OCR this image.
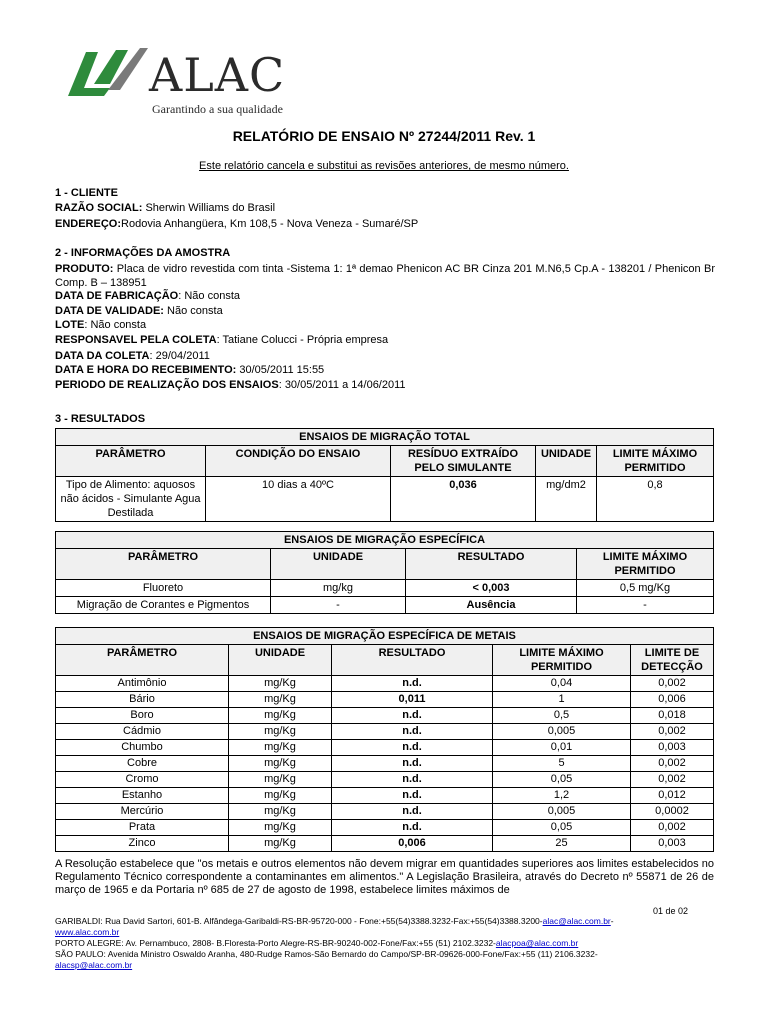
ALAC
Garantindo a sua qualidade
RELATÓRIO DE ENSAIO Nº 27244/2011 Rev. 1
Este relatório cancela e substitui as revisões anteriores, de mesmo número.
1 - CLIENTE
RAZÃO SOCIAL: Sherwin Williams do Brasil
ENDEREÇO:Rodovia Anhangüera, Km 108,5 - Nova Veneza - Sumaré/SP
2 - INFORMAÇÕES DA AMOSTRA
PRODUTO: Placa de vidro revestida com tinta -Sistema 1: 1ª demao Phenicon AC BR Cinza 201 M.N6,5 Cp.A - 138201 / Phenicon Br Comp. B – 138951
DATA DE FABRICAÇÃO: Não consta
DATA DE VALIDADE: Não consta
LOTE: Não consta
RESPONSAVEL PELA COLETA: Tatiane Colucci - Própria empresa
DATA DA COLETA: 29/04/2011
DATA E HORA DO RECEBIMENTO: 30/05/2011 15:55
PERIODO DE REALIZAÇÃO DOS ENSAIOS: 30/05/2011 a 14/06/2011
3 - RESULTADOS
ENSAIOS DE MIGRAÇÃO TOTAL				
PARÂMETRO	CONDIÇÃO DO ENSAIO	RESÍDUO EXTRAÍDO PELO SIMULANTE	UNIDADE	LIMITE MÁXIMO PERMITIDO
Tipo de Alimento: aquosos não ácidos - Simulante Agua Destilada	10 dias a 40ºC	0,036	mg/dm2	0,8
ENSAIOS DE MIGRAÇÃO ESPECÍFICA			
PARÂMETRO	UNIDADE	RESULTADO	LIMITE MÁXIMO PERMITIDO
Fluoreto	mg/kg	< 0,003	0,5 mg/Kg
Migração de Corantes e Pigmentos	-	Ausência	-
ENSAIOS DE MIGRAÇÃO ESPECÍFICA DE METAIS				
PARÂMETRO	UNIDADE	RESULTADO	LIMITE MÁXIMO PERMITIDO	LIMITE DE DETECÇÃO
Antimônio	mg/Kg	n.d.	0,04	0,002
Bário	mg/Kg	0,011	1	0,006
Boro	mg/Kg	n.d.	0,5	0,018
Cádmio	mg/Kg	n.d.	0,005	0,002
Chumbo	mg/Kg	n.d.	0,01	0,003
Cobre	mg/Kg	n.d.	5	0,002
Cromo	mg/Kg	n.d.	0,05	0,002
Estanho	mg/Kg	n.d.	1,2	0,012
Mercúrio	mg/Kg	n.d.	0,005	0,0002
Prata	mg/Kg	n.d.	0,05	0,002
Zinco	mg/Kg	0,006	25	0,003
A Resolução estabelece que "os metais e outros elementos não devem migrar em quantidades superiores aos limites estabelecidos no Regulamento Técnico correspondente a contaminantes em alimentos." A Legislação Brasileira, através do Decreto nº 55871 de 26 de março de 1965 e da Portaria nº 685 de 27 de agosto de 1998, estabelece limites máximos de
01 de 02
GARIBALDI: Rua David Sartori, 601-B. Alfândega-Garibaldi-RS-BR-95720-000 - Fone:+55(54)3388.3232-Fax:+55(54)3388.3200-alac@alac.com.br-
www.alac.com.br
PORTO ALEGRE: Av. Pernambuco, 2808- B.Floresta-Porto Alegre-RS-BR-90240-002-Fone/Fax:+55 (51) 2102.3232-alacpoa@alac.com.br
SÃO PAULO: Avenida Ministro Oswaldo Aranha, 480-Rudge Ramos-São Bernardo do Campo/SP-BR-09626-000-Fone/Fax:+55 (11) 2106.3232-
alacsp@alac.com.br
